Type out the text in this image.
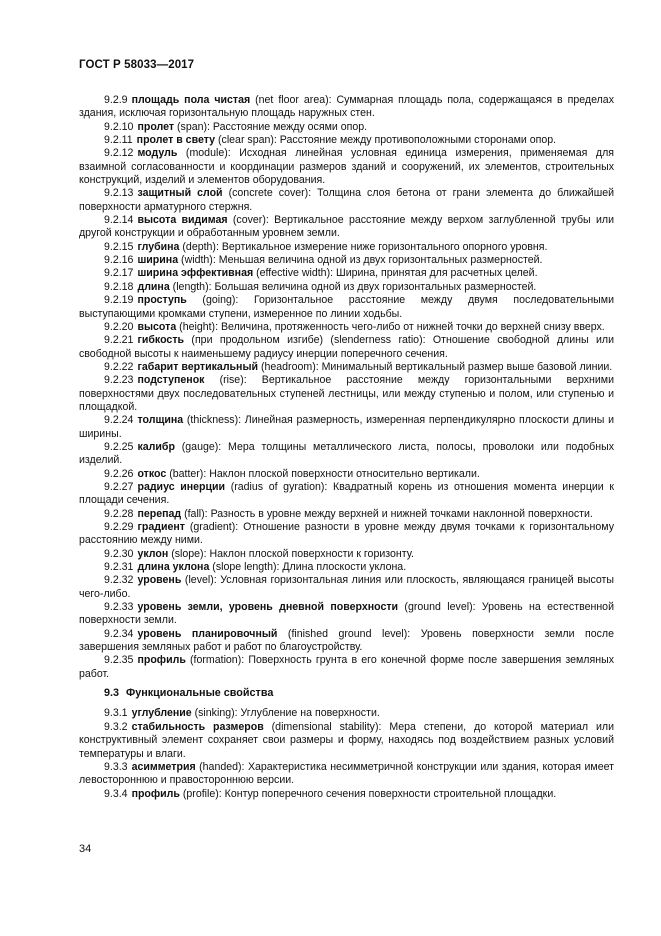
ГОСТ Р 58033—2017

9.2.9 площадь пола чистая (net floor area): Суммарная площадь пола, содержащаяся в пределах здания, исключая горизонтальную площадь наружных стен.

9.2.10 пролет (span): Расстояние между осями опор.

9.2.11 пролет в свету (clear span): Расстояние между противоположными сторонами опор.

9.2.12 модуль (module): Исходная линейная условная единица измерения, применяемая для взаимной согласованности и координации размеров зданий и сооружений, их элементов, строительных конструкций, изделий и элементов оборудования.

9.2.13 защитный слой (concrete cover): Толщина слоя бетона от грани элемента до ближайшей поверхности арматурного стержня.

9.2.14 высота видимая (cover): Вертикальное расстояние между верхом заглубленной трубы или другой конструкции и обработанным уровнем земли.

9.2.15 глубина (depth): Вертикальное измерение ниже горизонтального опорного уровня.

9.2.16 ширина (width): Меньшая величина одной из двух горизонтальных размерностей.

9.2.17 ширина эффективная (effective width): Ширина, принятая для расчетных целей.

9.2.18 длина (length): Большая величина одной из двух горизонтальных размерностей.

9.2.19 проступь (going): Горизонтальное расстояние между двумя последовательными выступающими кромками ступени, измеренное по линии ходьбы.

9.2.20 высота (height): Величина, протяженность чего-либо от нижней точки до верхней снизу вверх.

9.2.21 гибкость (при продольном изгибе) (slenderness ratio): Отношение свободной длины или свободной высоты к наименьшему радиусу инерции поперечного сечения.

9.2.22 габарит вертикальный (headroom): Минимальный вертикальный размер выше базовой линии.

9.2.23 подступенок (rise): Вертикальное расстояние между горизонтальными верхними поверхностями двух последовательных ступеней лестницы, или между ступенью и полом, или ступенью и площадкой.

9.2.24 толщина (thickness): Линейная размерность, измеренная перпендикулярно плоскости длины и ширины.

9.2.25 калибр (gauge): Мера толщины металлического листа, полосы, проволоки или подобных изделий.

9.2.26 откос (batter): Наклон плоской поверхности относительно вертикали.

9.2.27 радиус инерции (radius of gyration): Квадратный корень из отношения момента инерции к площади сечения.

9.2.28 перепад (fall): Разность в уровне между верхней и нижней точками наклонной поверхности.

9.2.29 градиент (gradient): Отношение разности в уровне между двумя точками к горизонтальному расстоянию между ними.

9.2.30 уклон (slope): Наклон плоской поверхности к горизонту.

9.2.31 длина уклона (slope length): Длина плоскости уклона.

9.2.32 уровень (level): Условная горизонтальная линия или плоскость, являющаяся границей высоты чего-либо.

9.2.33 уровень земли, уровень дневной поверхности (ground level): Уровень на естественной поверхности земли.

9.2.34 уровень планировочный (finished ground level): Уровень поверхности земли после завершения земляных работ и работ по благоустройству.

9.2.35 профиль (formation): Поверхность грунта в его конечной форме после завершения земляных работ.

9.3 Функциональные свойства

9.3.1 углубление (sinking): Углубление на поверхности.

9.3.2 стабильность размеров (dimensional stability): Мера степени, до которой материал или конструктивный элемент сохраняет свои размеры и форму, находясь под воздействием разных условий температуры и влаги.

9.3.3 асимметрия (handed): Характеристика несимметричной конструкции или здания, которая имеет левостороннюю и правостороннюю версии.

9.3.4 профиль (profile): Контур поперечного сечения поверхности строительной площадки.

34
